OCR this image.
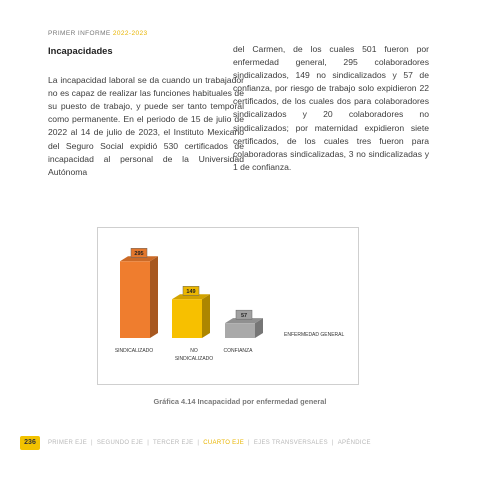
PRIMER INFORME 2022-2023
Incapacidades

La incapacidad laboral se da cuando un trabajador no es capaz de realizar las funciones habituales de su puesto de trabajo, y puede ser tanto temporal como permanente. En el periodo de 15 de julio de 2022 al 14 de julio de 2023, el Instituto Mexicano del Seguro Social expidió 530 certificados de incapacidad al personal de la Universidad Autónoma

del Carmen, de los cuales 501 fueron por enfermedad general, 295 colaboradores sindicalizados, 149 no sindicalizados y 57 de confianza, por riesgo de trabajo solo expidieron 22 certificados, de los cuales dos para colaboradores sindicalizados y 20 colaboradores no sindicalizados; por maternidad expidieron siete certificados, de los cuales tres fueron para colaboradoras sindicalizadas, 3 no sindicalizadas y 1 de confianza.

295
149
57
SINDICALIZADO	NO
SINDICALIZADO
CONFIANZA
ENFERMEDAD GENERAL
Gráfica 4.14 Incapacidad por enfermedad general
236	PRIMER EJE | SEGUNDO EJE | TERCER EJE | CUARTO EJE | EJES TRANSVERSALES | APÉNDICE
